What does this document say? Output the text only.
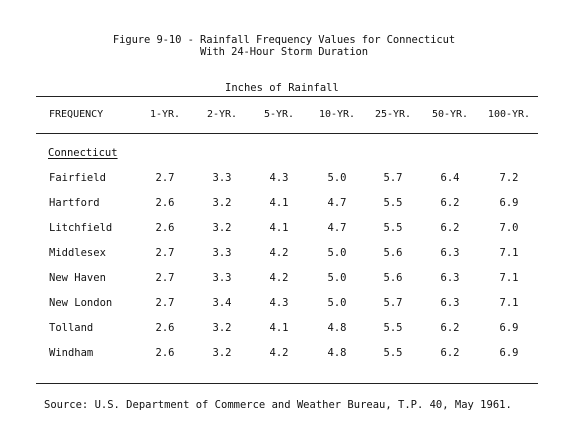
Figure 9-10 - Rainfall Frequency Values for Connecticut
With 24-Hour Storm Duration
Inches of Rainfall
FREQUENCY	1-YR.	2-YR.	5-YR.	10-YR.	25-YR.	50-YR.	100-YR.
Connecticut
Fairfield	2.7	3.3	4.3	5.0	5.7	6.4	7.2
Hartford	2.6	3.2	4.1	4.7	5.5	6.2	6.9
Litchfield	2.6	3.2	4.1	4.7	5.5	6.2	7.0
Middlesex	2.7	3.3	4.2	5.0	5.6	6.3	7.1
New Haven	2.7	3.3	4.2	5.0	5.6	6.3	7.1
New London	2.7	3.4	4.3	5.0	5.7	6.3	7.1
Tolland	2.6	3.2	4.1	4.8	5.5	6.2	6.9
Windham	2.6	3.2	4.2	4.8	5.5	6.2	6.9
Source: U.S. Department of Commerce and Weather Bureau, T.P. 40, May 1961.
